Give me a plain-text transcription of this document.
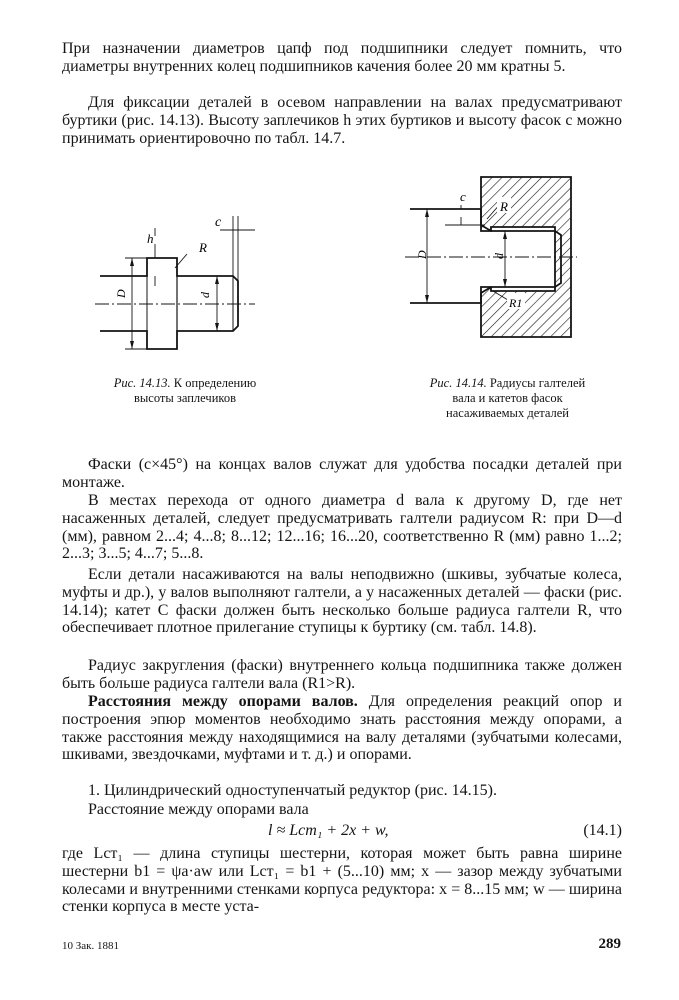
При назначении диаметров цапф под подшипники следует помнить, что диаметры внутренних колец подшипников качения более 20 мм кратны 5.

Для фиксации деталей в осевом направлении на валах предусматривают буртики (рис. 14.13). Высоту заплечиков h этих буртиков и высоту фасок c можно принимать ориентировочно по табл. 14.7.

c
h
R
D	d

Рис. 14.13. К определению высоты заплечиков

c
R
R1
D	d

Рис. 14.14. Радиусы галтелей вала и катетов фасок насаживаемых деталей

Фаски (c×45°) на концах валов служат для удобства посадки деталей при монтаже.

В местах перехода от одного диаметра d вала к другому D, где нет насаженных деталей, следует предусматривать галтели радиусом R: при D—d (мм), равном 2...4; 4...8; 8...12; 12...16; 16...20, соответственно R (мм) равно 1...2; 2...3; 3...5; 4...7; 5...8.

Если детали насаживаются на валы неподвижно (шкивы, зубчатые колеса, муфты и др.), у валов выполняют галтели, а у насаженных деталей — фаски (рис. 14.14); катет C фаски должен быть несколько больше радиуса галтели R, что обеспечивает плотное прилегание ступицы к буртику (см. табл. 14.8).

Радиус закругления (фаски) внутреннего кольца подшипника также должен быть больше радиуса галтели вала (R1>R).

Расстояния между опорами валов. Для определения реакций опор и построения эпюр моментов необходимо знать расстояния между опорами, а также расстояния между находящимися на валу деталями (зубчатыми колесами, шкивами, звездочками, муфтами и т. д.) и опорами.

1. Цилиндрический одноступенчатый редуктор (рис. 14.15).

Расстояние между опорами вала

l ≈ Lст₁ + 2x + w,	(14.1)

где Lст₁ — длина ступицы шестерни, которая может быть равна ширине шестерни b1 = ψa·aw или Lст₁ = b1 + (5...10) мм; x — зазор между зубчатыми колесами и внутренними стенками корпуса редуктора: x = 8...15 мм; w — ширина стенки корпуса в месте уста-

10 Зак. 1881	289
